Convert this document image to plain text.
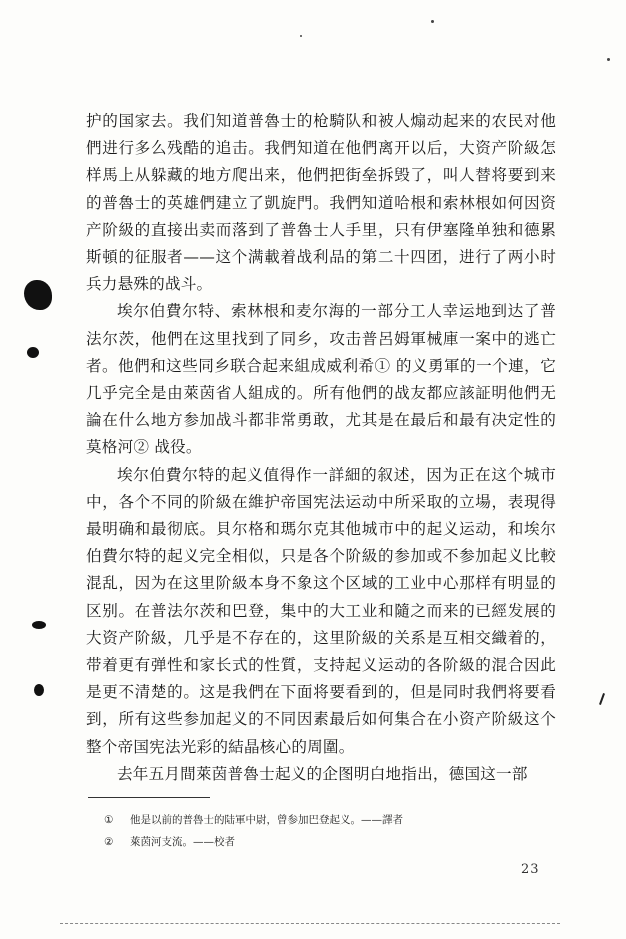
护的国家去。我们知道普魯士的枪騎队和被人煽动起来的农民对他們进行多么残酷的追击。我們知道在他們离开以后，大资产阶級怎样馬上从躲藏的地方爬出来，他們把街垒拆毁了，叫人替将要到来的普魯士的英雄們建立了凱旋門。我們知道哈根和索林根如何因资产阶級的直接出卖而落到了普魯士人手里，只有伊塞隆单独和德累斯頓的征服者——这个满載着战利品的第二十四团，进行了两小时兵力悬殊的战斗。

埃尔伯費尔特、索林根和麦尔海的一部分工人幸运地到达了普法尔茨，他們在这里找到了同乡，攻击普呂姆軍械庫一案中的逃亡者。他們和这些同乡联合起来組成威利希① 的义勇軍的一个連，它几乎完全是由萊茵省人組成的。所有他們的战友都应該証明他們无論在什么地方参加战斗都非常勇敢，尤其是在最后和最有决定性的莫格河② 战役。

埃尔伯費尔特的起义值得作一詳細的叙述，因为正在这个城市中，各个不同的阶級在維护帝国宪法运动中所采取的立場，表現得最明确和最彻底。貝尔格和瑪尔克其他城市中的起义运动，和埃尔伯費尔特的起义完全相似，只是各个阶級的参加或不参加起义比較混乱，因为在这里阶級本身不象这个区域的工业中心那样有明显的区别。在普法尔茨和巴登，集中的大工业和隨之而来的已經发展的大资产阶級，几乎是不存在的，这里阶級的关系是互相交織着的，带着更有弹性和家长式的性質，支持起义运动的各阶級的混合因此是更不清楚的。这是我們在下面将要看到的，但是同时我們将要看到，所有这些参加起义的不同因素最后如何集合在小资产阶級这个整个帝国宪法光彩的結晶核心的周圍。

去年五月間萊茵普魯士起义的企图明白地指出，德国这一部

① 他是以前的普魯士的陆軍中尉，曾参加巴登起义。——譯者

② 萊茵河支流。——校者

23
